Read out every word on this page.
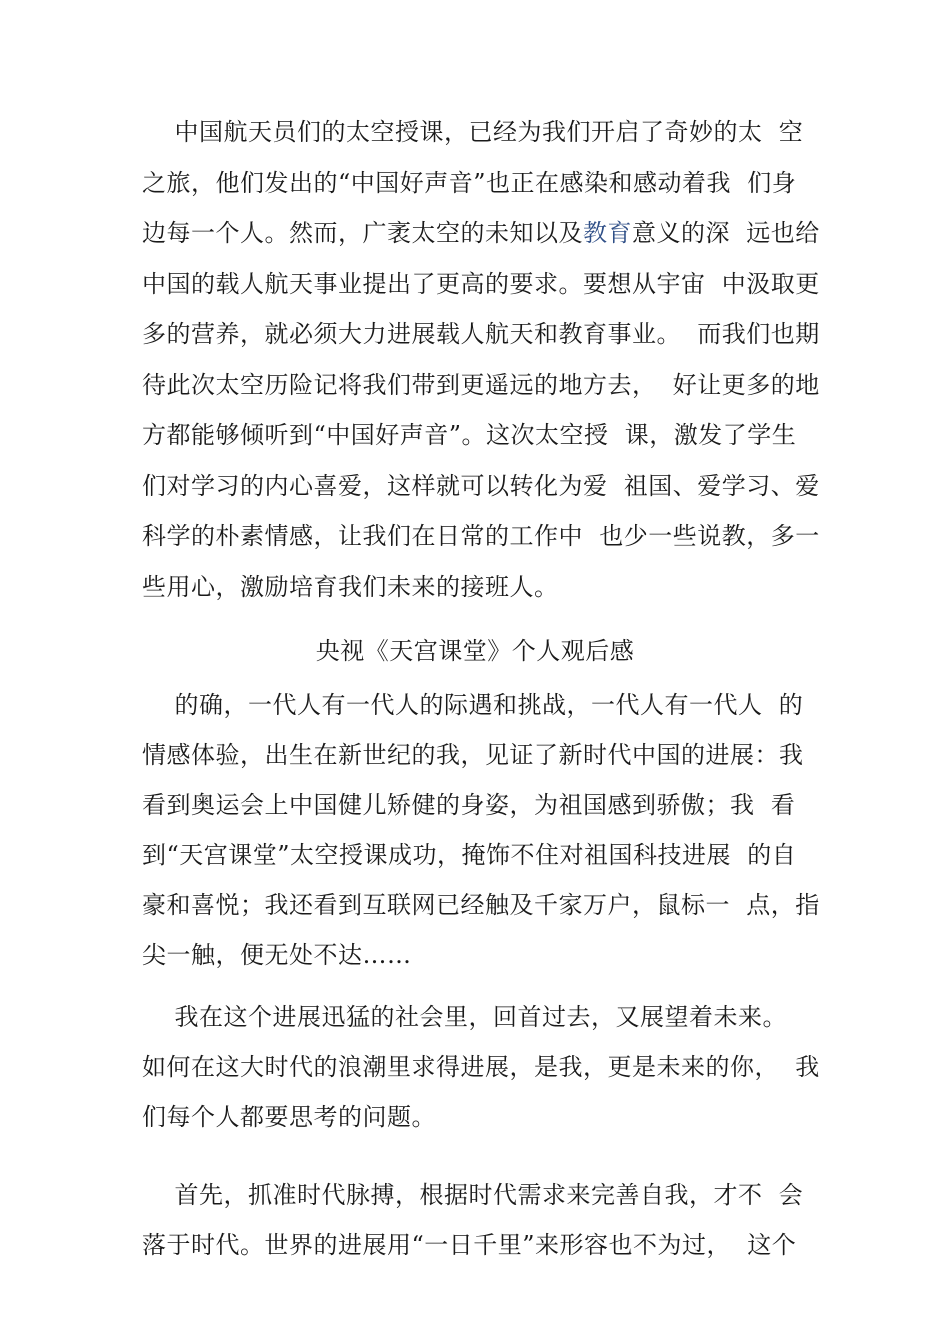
中国航天员们的太空授课，已经为我们开启了奇妙的太  空

之旅，他们发出的“中国好声音”也正在感染和感动着我  们身

边每一个人。然而，广袤太空的未知以及教育意义的深  远也给

中国的载人航天事业提出了更高的要求。要想从宇宙  中汲取更

多的营养，就必须大力进展载人航天和教育事业。  而我们也期

待此次太空历险记将我们带到更遥远的地方去，  好让更多的地

方都能够倾听到“中国好声音”。这次太空授  课，激发了学生

们对学习的内心喜爱，这样就可以转化为爱  祖国、爱学习、爱

科学的朴素情感，让我们在日常的工作中  也少一些说教，多一

些用心，激励培育我们未来的接班人。

央视《天宫课堂》个人观后感

的确，一代人有一代人的际遇和挑战，一代人有一代人  的

情感体验，出生在新世纪的我，见证了新时代中国的进展：我

看到奥运会上中国健儿矫健的身姿，为祖国感到骄傲；我  看

到“天宫课堂”太空授课成功，掩饰不住对祖国科技进展  的自

豪和喜悦；我还看到互联网已经触及千家万户，鼠标一  点，指

尖一触，便无处不达……

我在这个进展迅猛的社会里，回首过去，又展望着未来。

如何在这大时代的浪潮里求得进展，是我，更是未来的你，  我

们每个人都要思考的问题。

首先，抓准时代脉搏，根据时代需求来完善自我，才不  会

落于时代。世界的进展用“一日千里”来形容也不为过，  这个
